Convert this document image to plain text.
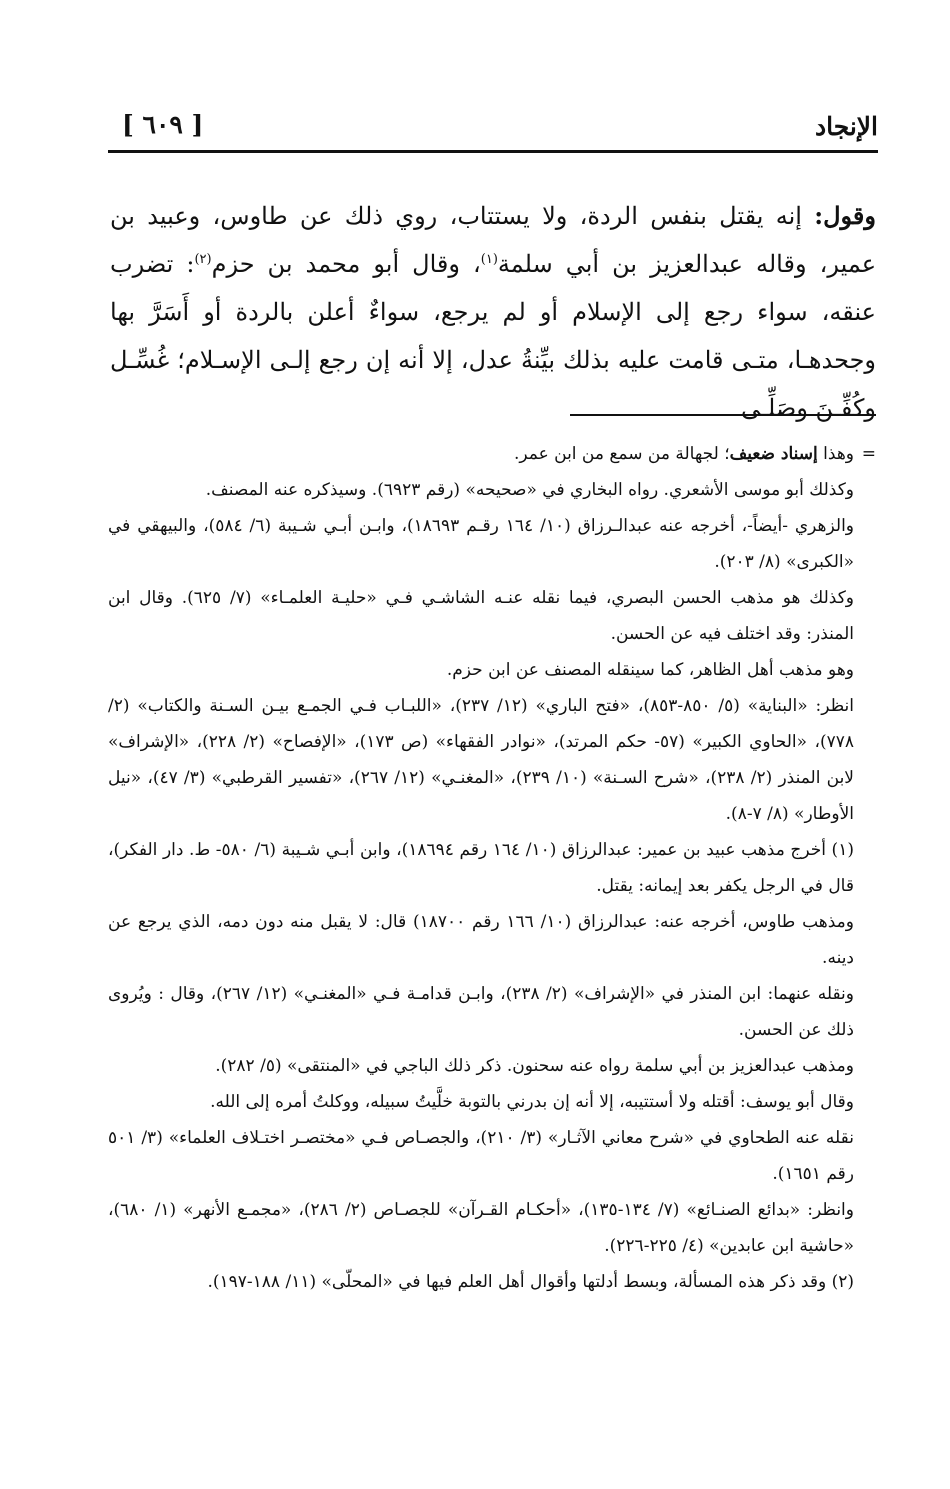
الإنجاد
[ ٦٠٩ ]

وقول: إنه يقتل بنفس الردة، ولا يستتاب، روي ذلك عن طاوس، وعبيد بن عمير، وقاله عبدالعزيز بن أبي سلمة$^{(١)}$، وقال أبو محمد بن حزم$^{(٢)}$: تضرب عنقه، سواء رجع إلى الإسلام أو لم يرجع، سواءٌ أعلن بالردة أو أَسَرَّ بها وجحدهـا، متـى قامت عليه بذلك بيِّنةُ عدل، إلا أنه إن رجع إلـى الإسـلام؛ غُسِّـل وكُفِّـنَ وصَلِّـى

=وهذا إسناد ضعيف؛ لجهالة من سمع من ابن عمر.

وكذلك أبو موسى الأشعري. رواه البخاري في «صحيحه» (رقم ٦٩٢٣). وسيذكره عنه المصنف.

والزهري -أيضاً-، أخرجه عنه عبدالـرزاق (١٠/ ١٦٤ رقـم ١٨٦٩٣)، وابـن أبـي شـيبة (٦/ ٥٨٤)، والبيهقي في «الكبرى» (٨/ ٢٠٣).

وكذلك هو مذهب الحسن البصري، فيما نقله عنـه الشاشـي فـي «حليـة العلمـاء» (٧/ ٦٢٥). وقال ابن المنذر: وقد اختلف فيه عن الحسن.

وهو مذهب أهل الظاهر، كما سينقله المصنف عن ابن حزم.

انظر: «البناية» (٥/ ٨٥٠-٨٥٣)، «فتح الباري» (١٢/ ٢٣٧)، «اللبـاب فـي الجمـع بيـن السـنة والكتاب» (٢/ ٧٧٨)، «الحاوي الكبير» (٥٧- حكم المرتد)، «نوادر الفقهاء» (ص ١٧٣)، «الإفصاح» (٢/ ٢٢٨)، «الإشراف» لابن المنذر (٢/ ٢٣٨)، «شرح السـنة» (١٠/ ٢٣٩)، «المغنـي» (١٢/ ٢٦٧)، «تفسير القرطبي» (٣/ ٤٧)، «نيل الأوطار» (٨/ ٧-٨).

(١) أخرج مذهب عبيد بن عمير: عبدالرزاق (١٠/ ١٦٤ رقم ١٨٦٩٤)، وابن أبـي شـيبة (٦/ ٥٨٠- ط. دار الفكر)، قال في الرجل يكفر بعد إيمانه: يقتل.

ومذهب طاوس، أخرجه عنه: عبدالرزاق (١٠/ ١٦٦ رقم ١٨٧٠٠) قال: لا يقبل منه دون دمه، الذي يرجع عن دينه.

ونقله عنهما: ابن المنذر في «الإشراف» (٢/ ٢٣٨)، وابـن قدامـة فـي «المغنـي» (١٢/ ٢٦٧)، وقال : ويُروى ذلك عن الحسن.

ومذهب عبدالعزيز بن أبي سلمة رواه عنه سحنون. ذكر ذلك الباجي في «المنتقى» (٥/ ٢٨٢).

وقال أبو يوسف: أقتله ولا أستتيبه، إلا أنه إن بدرني بالتوبة خلَّيتُ سبيله، ووكلتُ أمره إلى الله.

نقله عنه الطحاوي في «شرح معاني الآثـار» (٣/ ٢١٠)، والجصـاص فـي «مختصـر اختـلاف العلماء» (٣/ ٥٠١ رقم ١٦٥١).

وانظر: «بدائع الصنـائع» (٧/ ١٣٤-١٣٥)، «أحكـام القـرآن» للجصـاص (٢/ ٢٨٦)، «مجمـع الأنهر» (١/ ٦٨٠)، «حاشية ابن عابدين» (٤/ ٢٢٥-٢٢٦).

(٢) وقد ذكر هذه المسألة، وبسط أدلتها وأقوال أهل العلم فيها في «المحلّى» (١١/ ١٨٨-١٩٧).
